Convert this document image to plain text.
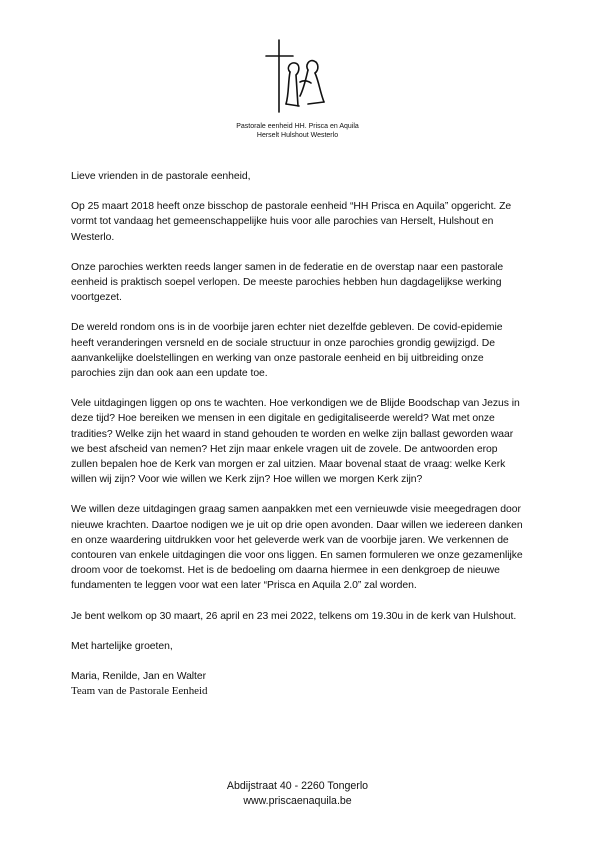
Pastorale eenheid HH. Prisca en Aquila
Herselt Hulshout Westerlo

Lieve vrienden in de pastorale eenheid,

Op 25 maart 2018 heeft onze bisschop de pastorale eenheid “HH Prisca en Aquila” opgericht. Ze vormt tot vandaag het gemeenschappelijke huis voor alle parochies van Herselt, Hulshout en Westerlo.

Onze parochies werkten reeds langer samen in de federatie en de overstap naar een pastorale eenheid is praktisch soepel verlopen. De meeste parochies hebben hun dagdagelijkse werking voortgezet.

De wereld rondom ons is in de voorbije jaren echter niet dezelfde gebleven. De covid-epidemie heeft veranderingen versneld en de sociale structuur in onze parochies grondig gewijzigd. De aanvankelijke doelstellingen en werking van onze pastorale eenheid en bij uitbreiding onze parochies zijn dan ook aan een update toe.

Vele uitdagingen liggen op ons te wachten. Hoe verkondigen we de Blijde Boodschap van Jezus in deze tijd? Hoe bereiken we mensen in een digitale en gedigitaliseerde wereld? Wat met onze tradities? Welke zijn het waard in stand gehouden te worden en welke zijn ballast geworden waar we best afscheid van nemen? Het zijn maar enkele vragen uit de zovele. De antwoorden erop zullen bepalen hoe de Kerk van morgen er zal uitzien. Maar bovenal staat de vraag: welke Kerk willen wij zijn? Voor wie willen we Kerk zijn? Hoe willen we morgen Kerk zijn?

We willen deze uitdagingen graag samen aanpakken met een vernieuwde visie meegedragen door nieuwe krachten. Daartoe nodigen we je uit op drie open avonden. Daar willen we iedereen danken en onze waardering uitdrukken voor het geleverde werk van de voorbije jaren. We verkennen de contouren van enkele uitdagingen die voor ons liggen. En samen formuleren we onze gezamenlijke droom voor de toekomst. Het is de bedoeling om daarna hiermee in een denkgroep de nieuwe fundamenten te leggen voor wat een later “Prisca en Aquila 2.0” zal worden.

Je bent welkom op 30 maart, 26 april en 23 mei 2022, telkens om 19.30u in de kerk van Hulshout.

Met hartelijke groeten,

Maria, Renilde, Jan en Walter

Team van de Pastorale Eenheid

Abdijstraat 40 - 2260 Tongerlo
www.priscaenaquila.be
